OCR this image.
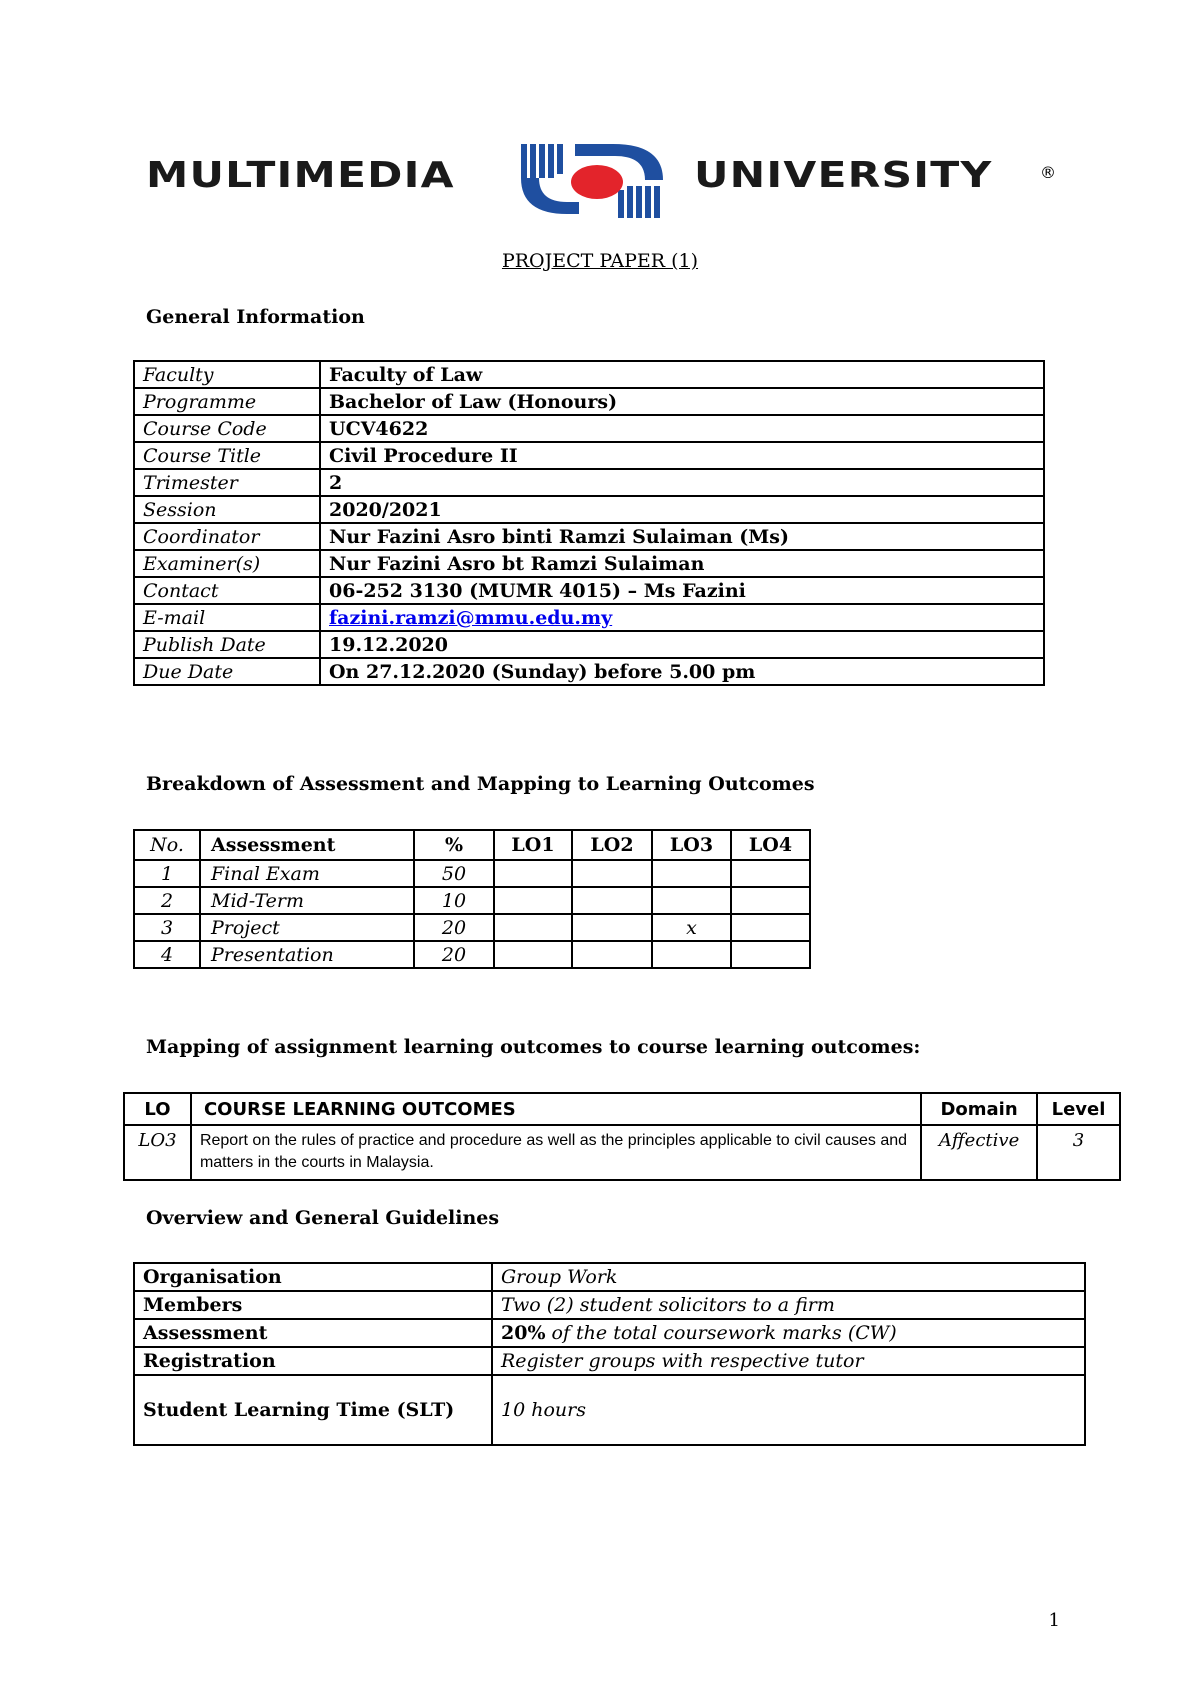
MULTIMEDIA	UNIVERSITY	®
PROJECT PAPER (1)
General Information
Faculty	Faculty of Law
Programme	Bachelor of Law (Honours)
Course Code	UCV4622
Course Title	Civil Procedure II
Trimester	2
Session	2020/2021
Coordinator	Nur Fazini Asro binti Ramzi Sulaiman (Ms)
Examiner(s)	Nur Fazini Asro bt Ramzi Sulaiman
Contact	06-252 3130 (MUMR 4015) – Ms Fazini
E-mail	fazini.ramzi@mmu.edu.my
Publish Date	19.12.2020
Due Date	On 27.12.2020 (Sunday) before 5.00 pm
Breakdown of Assessment and Mapping to Learning Outcomes
No.	Assessment	%	LO1	LO2	LO3	LO4
1	Final Exam	50				
2	Mid-Term	10				
3	Project	20			x	
4	Presentation	20				
Mapping of assignment learning outcomes to course learning outcomes:
LO	COURSE LEARNING OUTCOMES	Domain	Level
LO3	Report on the rules of practice and procedure as well as the principles applicable to civil causes and matters in the courts in Malaysia.	Affective	3
Overview and General Guidelines
Organisation	Group Work
Members	Two (2) student solicitors to a firm
Assessment	20% of the total coursework marks (CW)
Registration	Register groups with respective tutor
Student Learning Time (SLT)	10 hours
1
